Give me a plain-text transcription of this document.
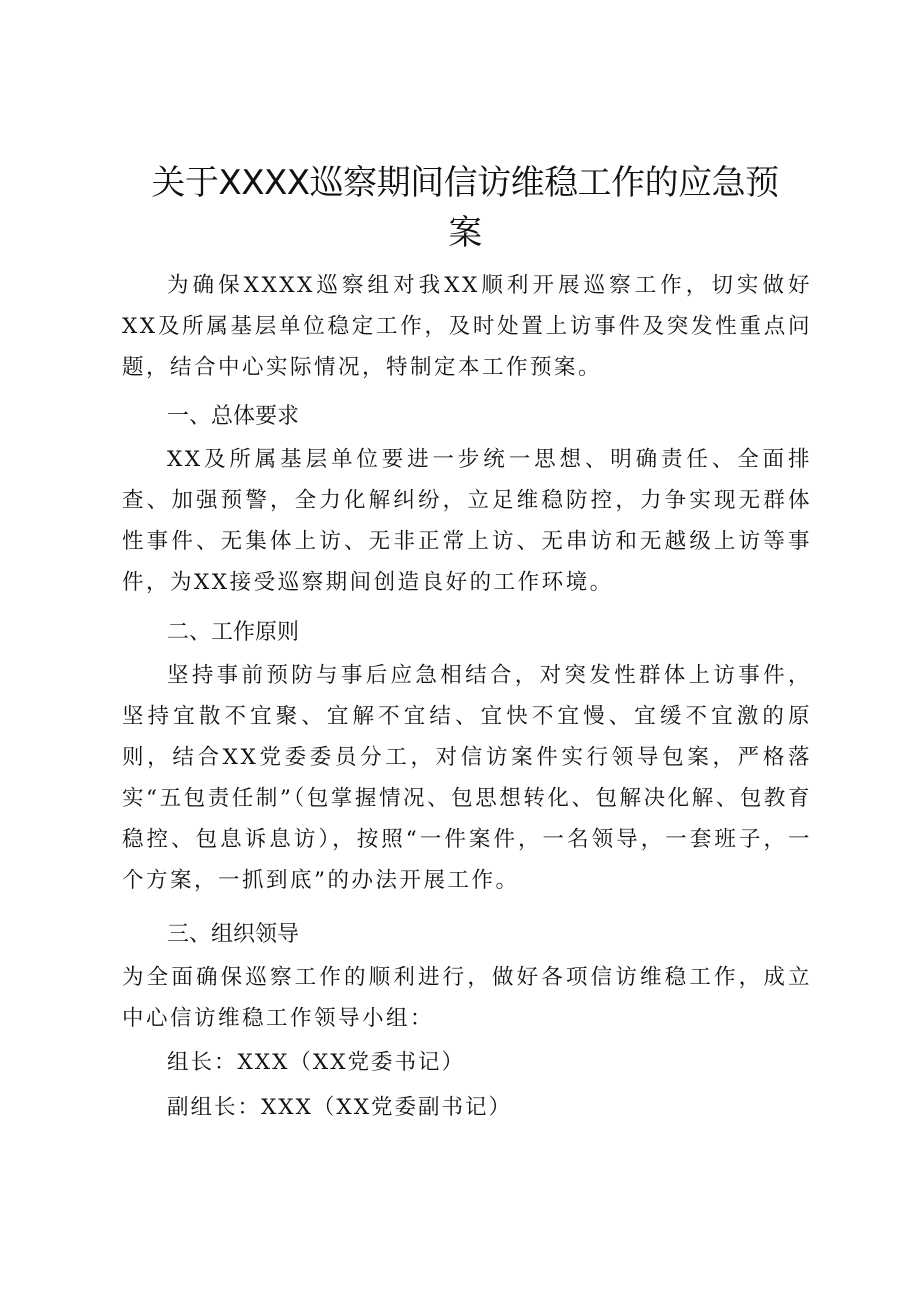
关于XXXX巡察期间信访维稳工作的应急预
案

为确保XXXX巡察组对我XX顺利开展巡察工作，切实做好XX及所属基层单位稳定工作，及时处置上访事件及突发性重点问题，结合中心实际情况，特制定本工作预案。

一、总体要求

XX及所属基层单位要进一步统一思想、明确责任、全面排查、加强预警，全力化解纠纷，立足维稳防控，力争实现无群体性事件、无集体上访、无非正常上访、无串访和无越级上访等事件，为XX接受巡察期间创造良好的工作环境。

二、工作原则

坚持事前预防与事后应急相结合，对突发性群体上访事件，坚持宜散不宜聚、宜解不宜结、宜快不宜慢、宜缓不宜激的原则，结合XX党委委员分工，对信访案件实行领导包案，严格落实“五包责任制”（包掌握情况、包思想转化、包解决化解、包教育稳控、包息诉息访），按照“一件案件，一名领导，一套班子，一个方案，一抓到底”的办法开展工作。

三、组织领导

为全面确保巡察工作的顺利进行，做好各项信访维稳工作，成立中心信访维稳工作领导小组：

组长：XXX（XX党委书记）

副组长：XXX（XX党委副书记）
